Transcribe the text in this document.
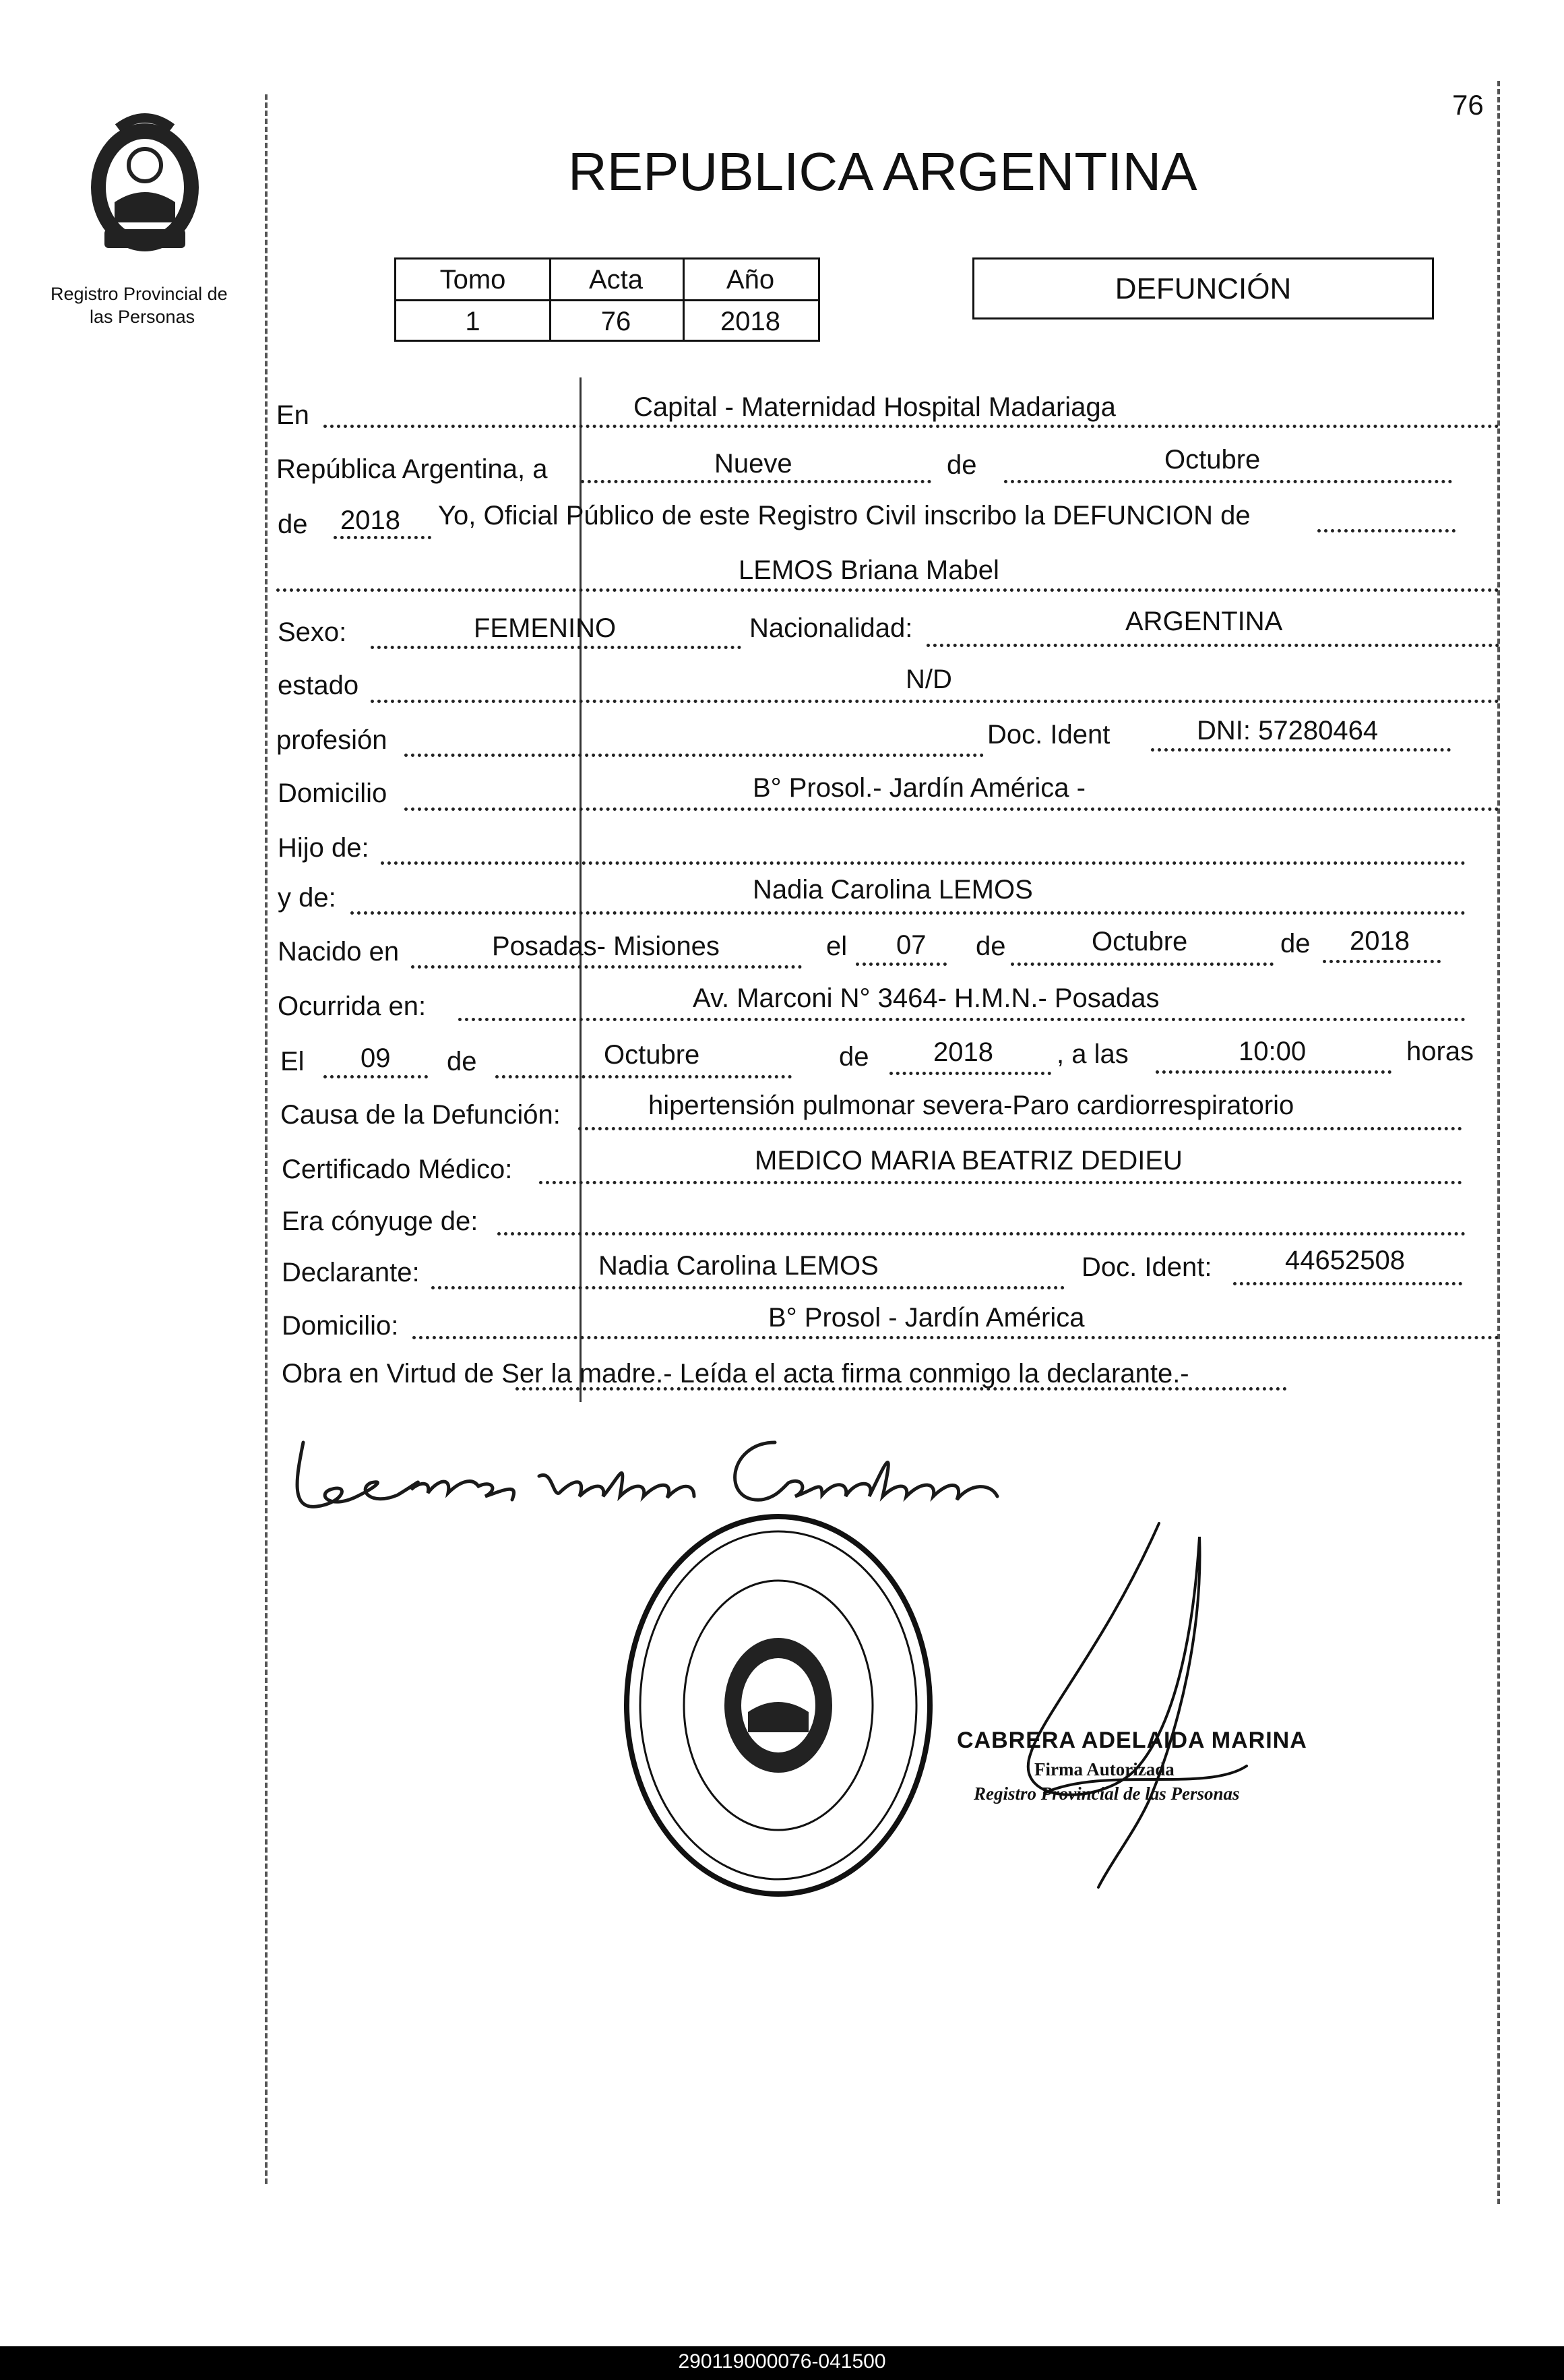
76
Registro Provincial de
las Personas
REPUBLICA ARGENTINA
Tomo	Acta	Año
1	76	2018
DEFUNCIÓN
En	Capital - Maternidad Hospital Madariaga
República Argentina, a	Nueve	de	Octubre
de 2018 Yo, Oficial Público de este Registro Civil inscribo la DEFUNCION de
LEMOS Briana Mabel
Sexo:	FEMENINO	Nacionalidad:	ARGENTINA
estado	N/D
profesión	Doc. Ident	DNI: 57280464
Domicilio	B° Prosol.- Jardín América -
Hijo de:
y de:	Nadia Carolina LEMOS
Nacido en	Posadas- Misiones	el 07 de	Octubre	de 2018
Ocurrida en:	Av. Marconi N° 3464- H.M.N.- Posadas
El 09 de	Octubre	de 2018 , a las	10:00	horas
Causa de la Defunción:	hipertensión pulmonar severa-Paro cardiorrespiratorio
Certificado Médico:	MEDICO MARIA BEATRIZ DEDIEU
Era cónyuge de:
Declarante:	Nadia Carolina LEMOS	Doc. Ident:	44652508
Domicilio:	B° Prosol - Jardín América
Obra en Virtud de Ser la madre.- Leída el acta firma conmigo la declarante.-
CABRERA ADELAIDA MARINA
Firma Autorizada
Registro Provincial de las Personas
290119000076-041500
